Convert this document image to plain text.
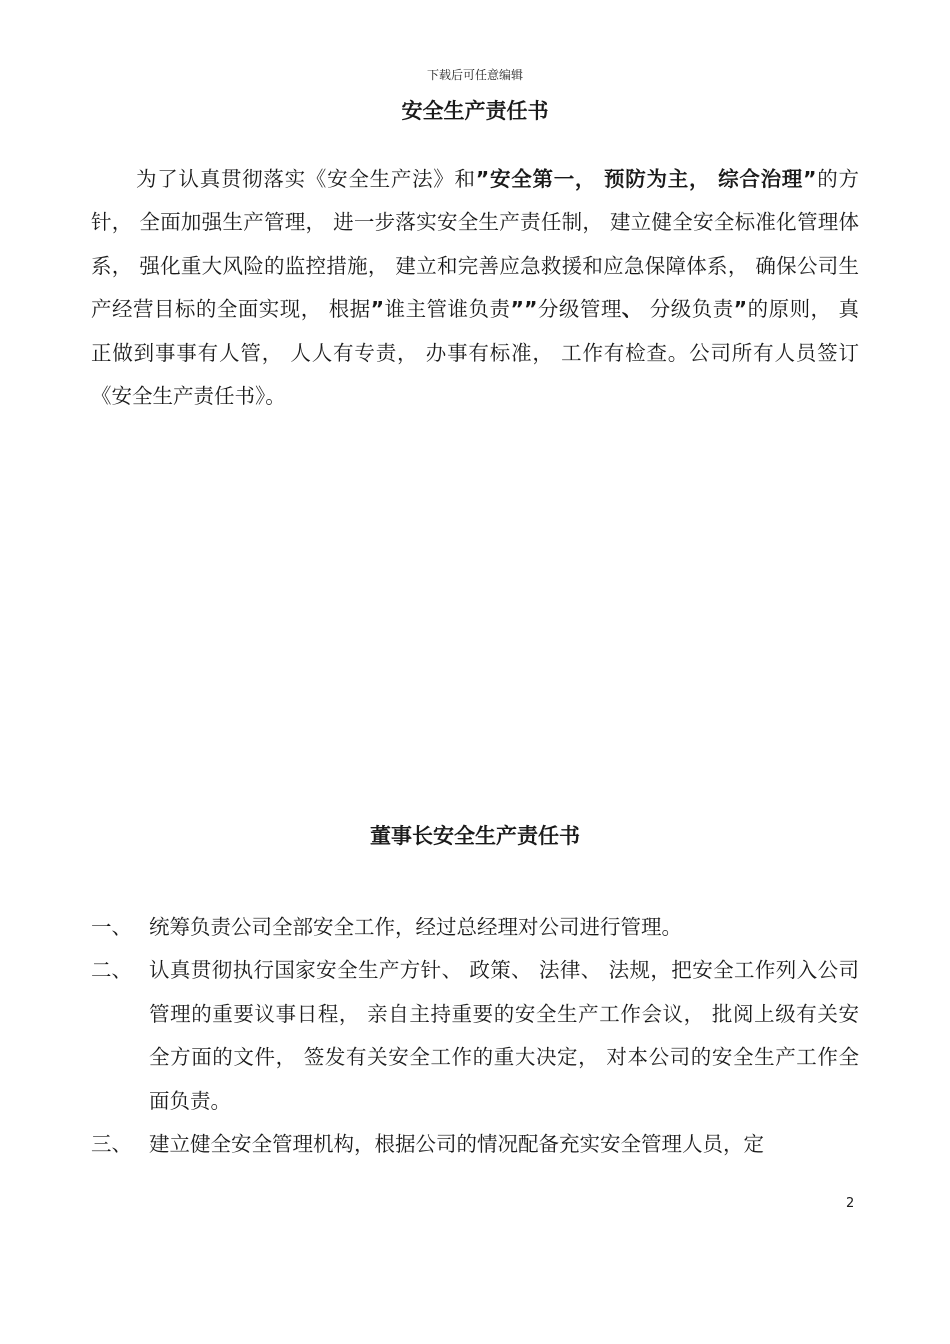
下载后可任意编辑
安全生产责任书

为了认真贯彻落实《安全生产法》和”安全第一， 预防为主， 综合治理”的方针， 全面加强生产管理， 进一步落实安全生产责任制， 建立健全安全标准化管理体系， 强化重大风险的监控措施， 建立和完善应急救援和应急保障体系， 确保公司生产经营目标的全面实现， 根据”谁主管谁负责””分级管理、 分级负责”的原则， 真正做到事事有人管， 人人有专责， 办事有标准， 工作有检查。公司所有人员签订《安全生产责任书》。

董事长安全生产责任书
一、 统筹负责公司全部安全工作，经过总经理对公司进行管理。
二、 认真贯彻执行国家安全生产方针、 政策、 法律、 法规，把安全工作列入公司管理的重要议事日程， 亲自主持重要的安全生产工作会议， 批阅上级有关安全方面的文件， 签发有关安全工作的重大决定， 对本公司的安全生产工作全面负责。
三、 建立健全安全管理机构，根据公司的情况配备充实安全管理人员，定
2
